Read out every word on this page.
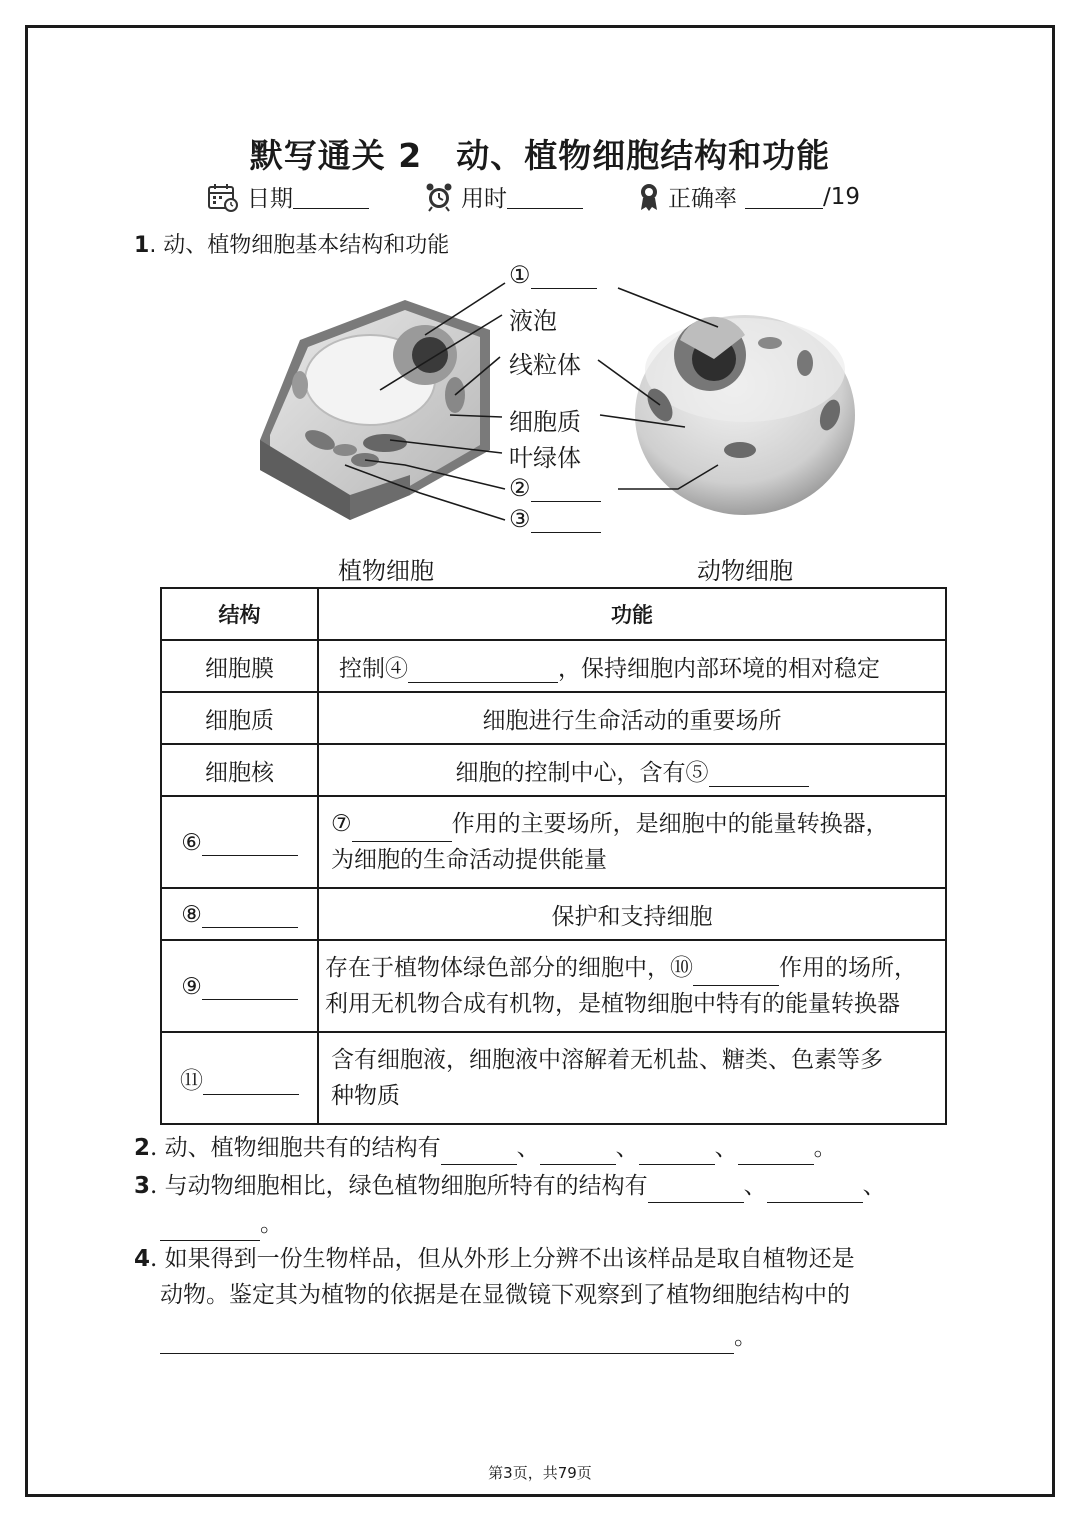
默写通关 2　动、植物细胞结构和功能
日期	用时	正确率	∕19
1. 动、植物细胞基本结构和功能
①
液泡
线粒体
细胞质
叶绿体
②
③
植物细胞	动物细胞
结构	功能
细胞膜	控制④ ，保持细胞内部环境的相对稳定
细胞质	细胞进行生命活动的重要场所
细胞核	细胞的控制中心，含有⑤
⑥	⑦ 作用的主要场所，是细胞中的能量转换器，
为细胞的生命活动提供能量
⑧	保护和支持细胞
⑨	存在于植物体绿色部分的细胞中，⑩ 作用的场所，
利用无机物合成有机物，是植物细胞中特有的能量转换器
⑪	含有细胞液，细胞液中溶解着无机盐、糖类、色素等多
种物质
2. 动、植物细胞共有的结构有	、	、	、	。
3. 与动物细胞相比，绿色植物细胞所特有的结构有	、	、
。
4. 如果得到一份生物样品，但从外形上分辨不出该样品是取自植物还是
动物。鉴定其为植物的依据是在显微镜下观察到了植物细胞结构中的
。
第3页，共79页
